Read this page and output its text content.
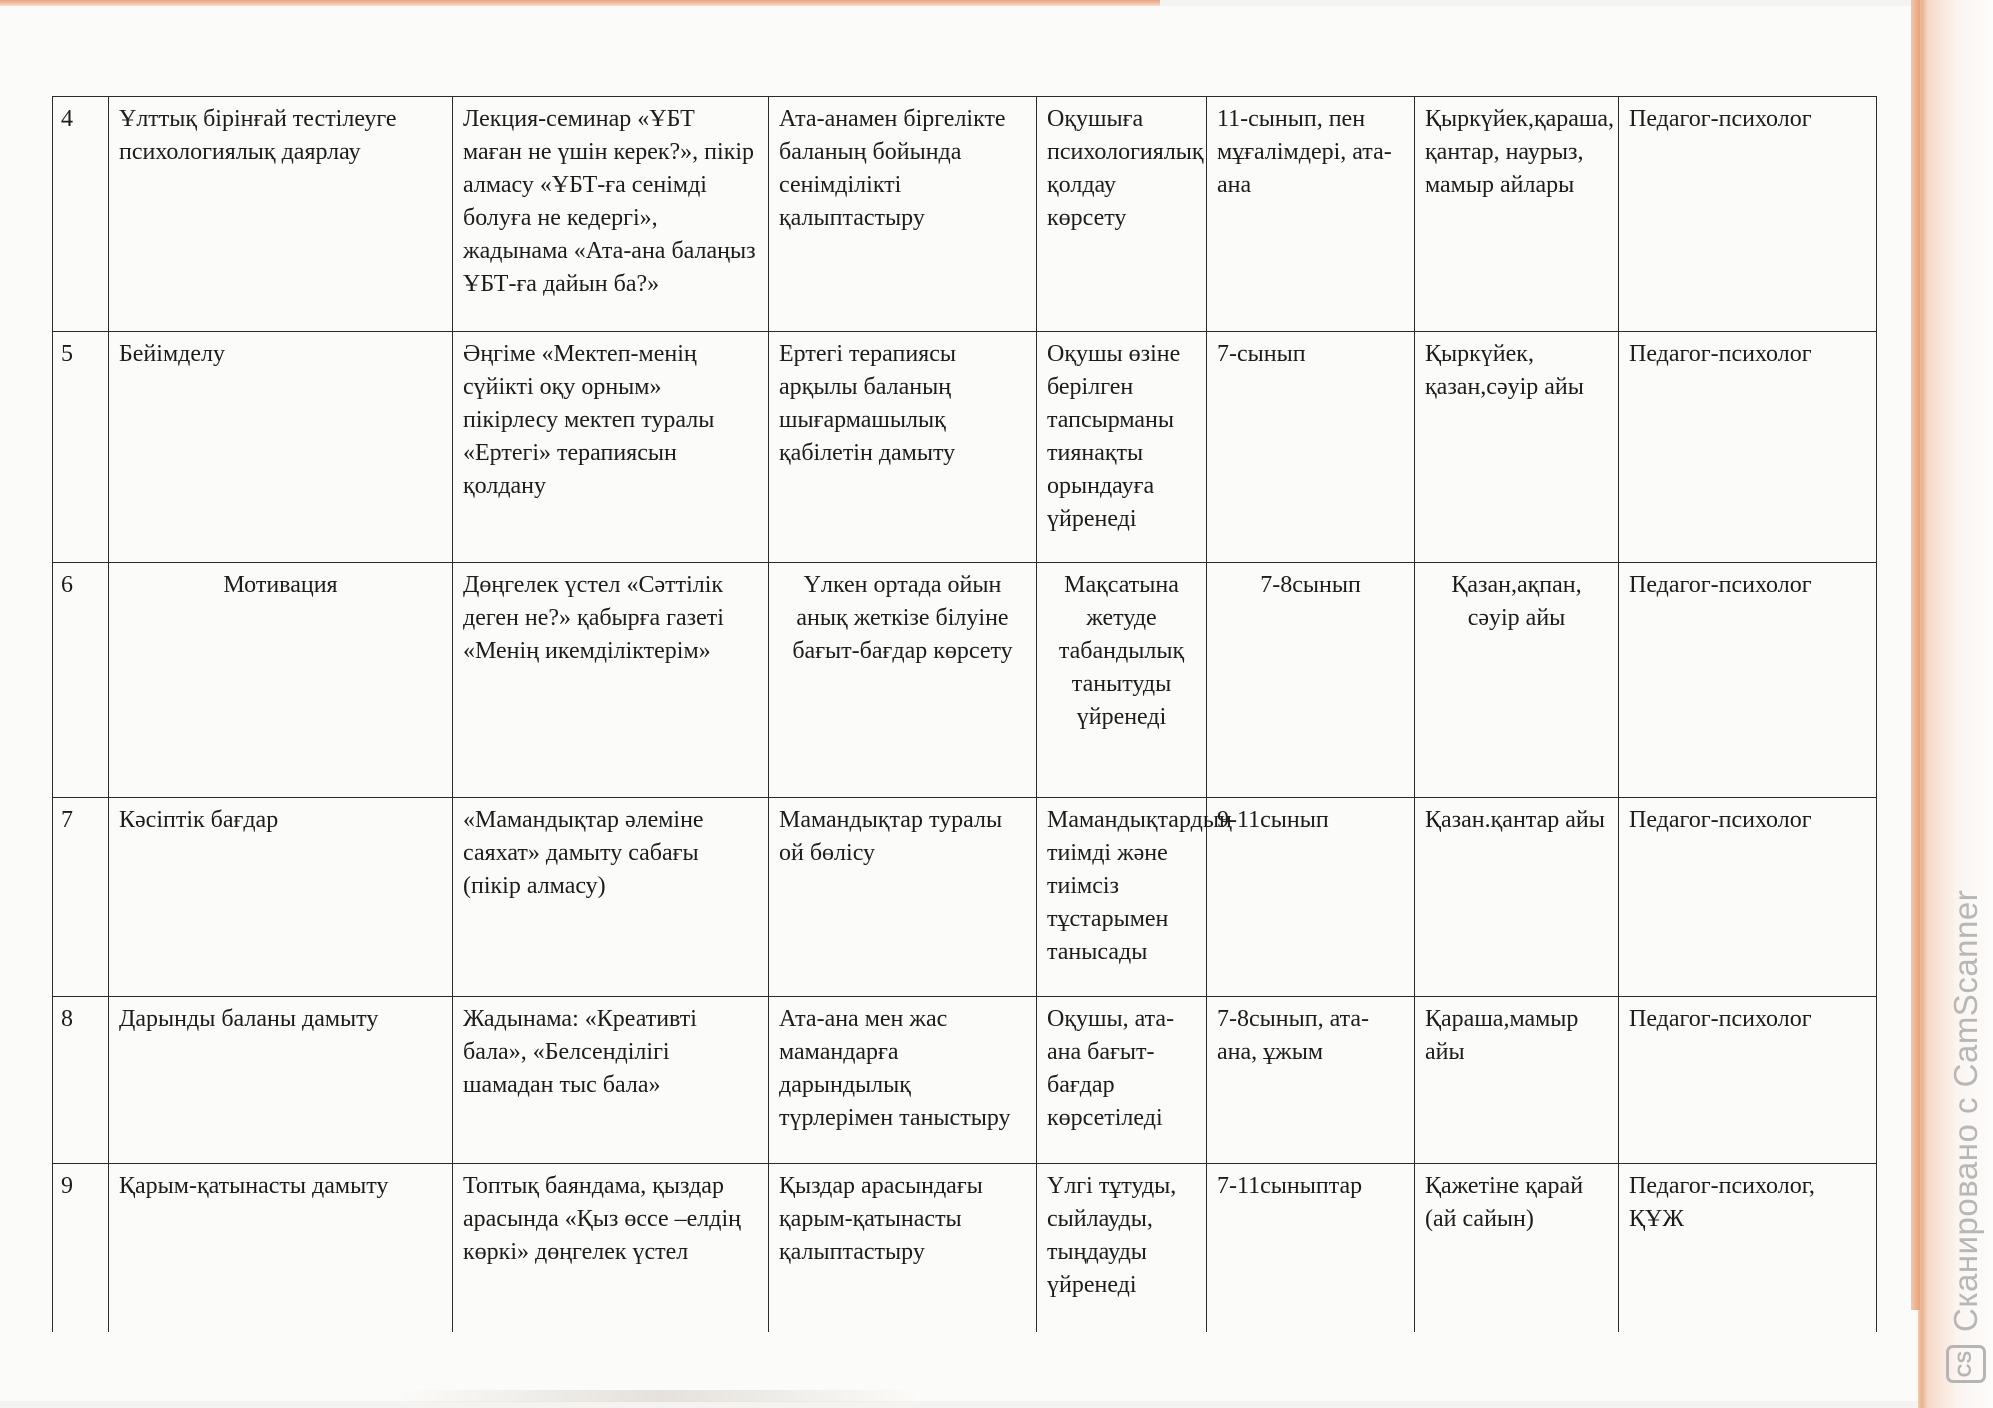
4	Ұлттық бірінғай тестілеуге психологиялық даярлау	Лекция-семинар «ҰБТ маған не үшін керек?», пікір алмасу «ҰБТ-ға сенімді болуға не кедергі», жадынама «Ата-ана балаңыз ҰБТ-ға дайын ба?»	Ата-анамен біргелікте баланың бойында сенімділікті қалыптастыру	Оқушыға психологиялық қолдау көрсету	11-сынып, пен мұғалімдері, ата-ана	Қыркүйек,қараша, қантар, наурыз, мамыр айлары	Педагог-психолог
5	Бейімделу	Әңгіме «Мектеп-менің сүйікті оқу орным» пікірлесу мектеп туралы «Ертегі» терапиясын қолдану	Ертегі терапиясы арқылы баланың шығармашылық қабілетін дамыту	Оқушы өзіне берілген тапсырманы тиянақты орындауға үйренеді	7-сынып	Қыркүйек, қазан,сәуір айы	Педагог-психолог
6	Мотивация	Дөңгелек үстел «Сәттілік деген не?» қабырға газеті «Менің икемділіктерім»	Үлкен ортада ойын анық жеткізе білуіне бағыт-бағдар көрсету	Мақсатына жетуде табандылық танытуды үйренеді	7-8сынып	Қазан,ақпан, сәуір айы	Педагог-психолог
7	Кәсіптік бағдар	«Мамандықтар әлеміне саяхат» дамыту сабағы (пікір алмасу)	Мамандықтар туралы ой бөлісу	Мамандықтардың тиімді және тиімсіз тұстарымен танысады	9-11сынып	Қазан.қантар айы	Педагог-психолог
8	Дарынды баланы дамыту	Жадынама: «Креативті бала», «Белсенділігі шамадан тыс бала»	Ата-ана мен жас мамандарға дарындылық түрлерімен таныстыру	Оқушы, ата-ана бағыт-бағдар көрсетіледі	7-8сынып, ата-ана, ұжым	Қараша,мамыр айы	Педагог-психолог
9	Қарым-қатынасты дамыту	Топтық баяндама, қыздар арасында «Қыз өссе –елдің көркі» дөңгелек үстел	Қыздар арасындағы қарым-қатынасты қалыптастыру	Үлгі тұтуды, сыйлауды, тыңдауды үйренеді	7-11сыныптар	Қажетіне қарай (ай сайын)	Педагог-психолог, ҚҰЖ	Сканировано с CamScanner
CS
